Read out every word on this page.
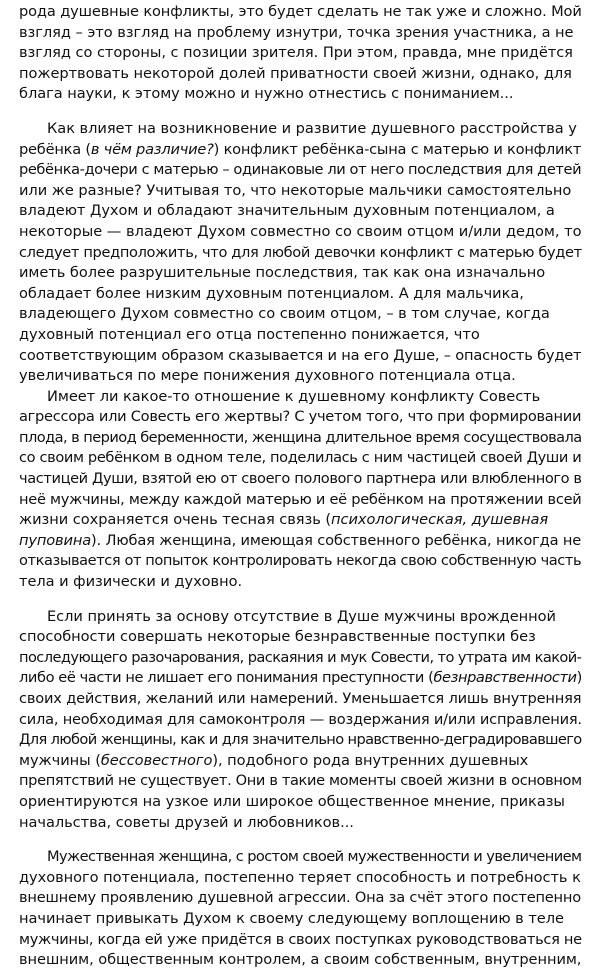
рода душевные конфликты, это будет сделать не так уже и сложно. Мой
взгляд – это взгляд на проблему изнутри, точка зрения участника, а не
взгляд со стороны, с позиции зрителя. При этом, правда, мне придётся
пожертвовать некоторой долей приватности своей жизни, однако, для
блага науки, к этому можно и нужно отнестись с пониманием...
Как влияет на возникновение и развитие душевного расстройства у
ребёнка (в чём различие?) конфликт ребёнка-сына с матерью и конфликт
ребёнка-дочери с матерью – одинаковые ли от него последствия для детей
или же разные? Учитывая то, что некоторые мальчики самостоятельно
владеют Духом и обладают значительным духовным потенциалом, а
некоторые — владеют Духом совместно со своим отцом и/или дедом, то
следует предположить, что для любой девочки конфликт с матерью будет
иметь более разрушительные последствия, так как она изначально
обладает более низким духовным потенциалом. А для мальчика,
владеющего Духом совместно со своим отцом, – в том случае, когда
духовный потенциал его отца постепенно понижается, что
соответствующим образом сказывается и на его Душе, – опасность будет
увеличиваться по мере понижения духовного потенциала отца.
Имеет ли какое-то отношение к душевному конфликту Совесть
агрессора или Совесть его жертвы? С учетом того, что при формировании
плода, в период беременности, женщина длительное время сосуществовала
со своим ребёнком в одном теле, поделилась с ним частицей своей Души и
частицей Души, взятой ею от своего полового партнера или влюбленного в
неё мужчины, между каждой матерью и её ребёнком на протяжении всей
жизни сохраняется очень тесная связь (психологическая, душевная
пуповина). Любая женщина, имеющая собственного ребёнка, никогда не
отказывается от попыток контролировать некогда свою собственную часть
тела и физически и духовно.
Если принять за основу отсутствие в Душе мужчины врожденной
способности совершать некоторые безнравственные поступки без
последующего разочарования, раскаяния и мук Совести, то утрата им какой-
либо её части не лишает его понимания преступности (безнравственности)
своих действия, желаний или намерений. Уменьшается лишь внутренняя
сила, необходимая для самоконтроля — воздержания и/или исправления.
Для любой женщины, как и для значительно нравственно-деградировавшего
мужчины (бессовестного), подобного рода внутренних душевных
препятствий не существует. Они в такие моменты своей жизни в основном
ориентируются на узкое или широкое общественное мнение, приказы
начальства, советы друзей и любовников...
Мужественная женщина, с ростом своей мужественности и увеличением
духовного потенциала, постепенно теряет способность и потребность к
внешнему проявлению душевной агрессии. Она за счёт этого постепенно
начинает привыкать Духом к своему следующему воплощению в теле
мужчины, когда ей уже придётся в своих поступках руководствоваться не
внешним, общественным контролем, а своим собственным, внутренним,
